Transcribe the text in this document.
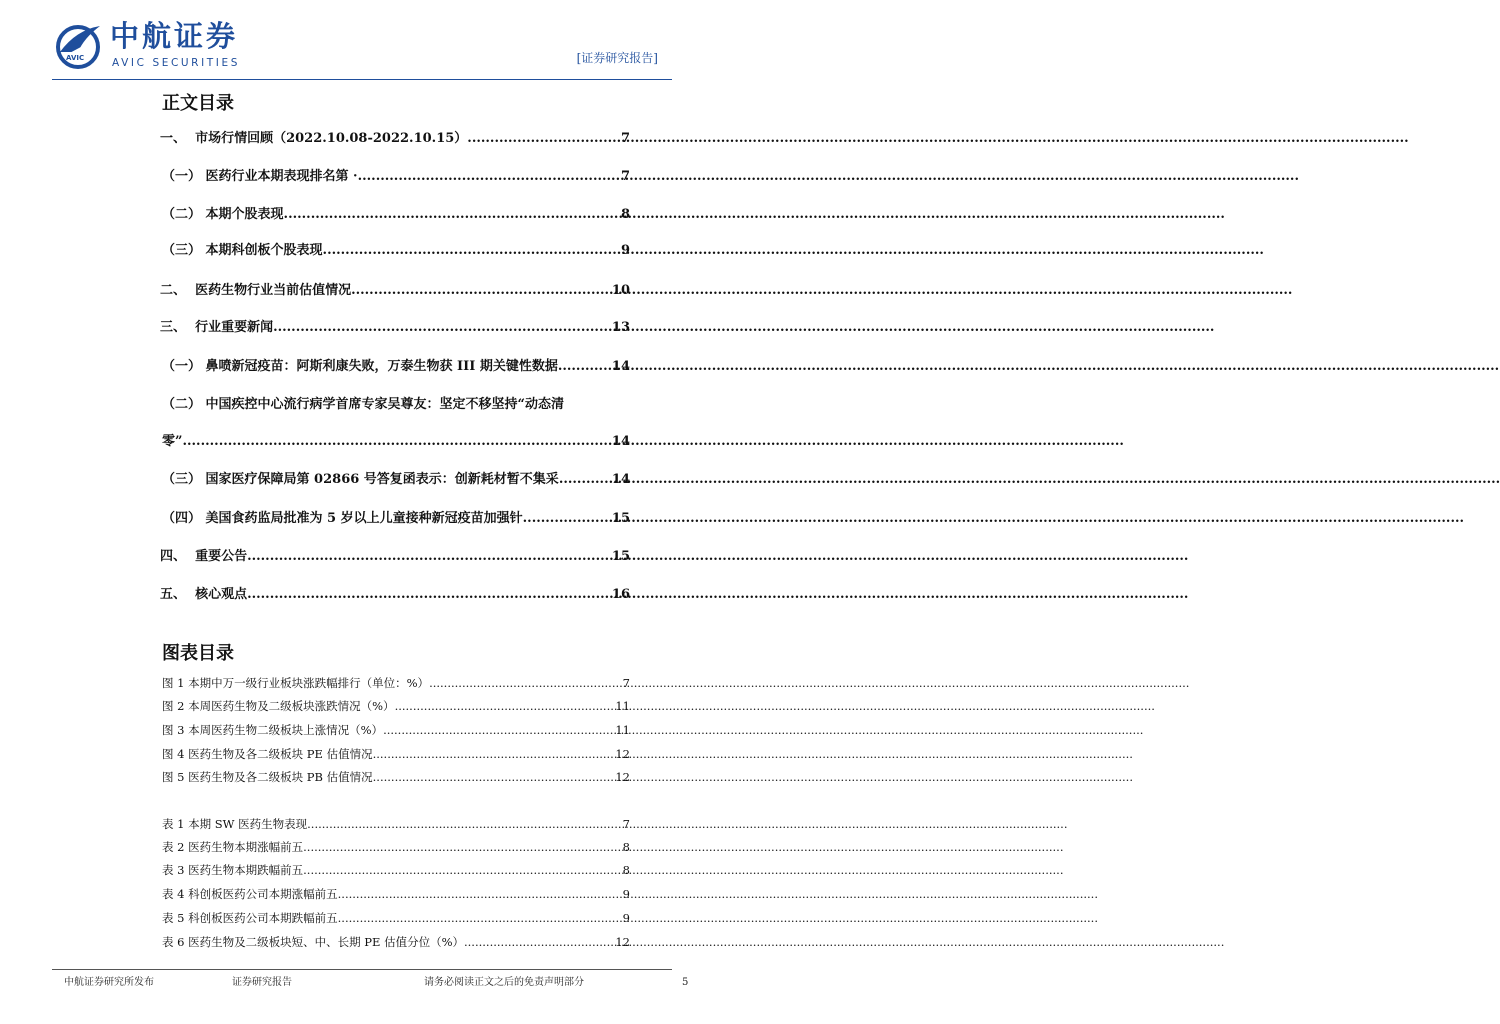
AVIC
中航证券
AVIC SECURITIES	[证券研究报告]
正文目录
一、 市场行情回顾（2022.10.08-2022.10.15） .....	7
（一） 医药行业本期表现排名第 · .....	7
（二） 本期个股表现 .....	8
（三） 本期科创板个股表现 .....	9
二、 医药生物行业当前估值情况 .....	10
三、 行业重要新闻 .....	13
（一） 鼻喷新冠疫苗：阿斯利康失败，万泰生物获 III 期关键性数据 .....	14
（二） 中国疾控中心流行病学首席专家吴尊友：坚定不移坚持“动态清
零” .....	14
（三） 国家医疗保障局第 02866 号答复函表示：创新耗材暂不集采 .....	14
（四） 美国食药监局批准为 5 岁以上儿童接种新冠疫苗加强针 .....	15
四、 重要公告 .....	15
五、 核心观点 .....	16
图表目录
图 1 本期中万一级行业板块涨跌幅排行（单位：%） .....	7
图 2 本周医药生物及二级板块涨跌情况（%） .....	11
图 3 本周医药生物二级板块上涨情况（%） .....	11
图 4 医药生物及各二级板块 PE 估值情况 .....	12
图 5 医药生物及各二级板块 PB 估值情况 .....	12
表 1 本期 SW 医药生物表现 .....	7
表 2 医药生物本期涨幅前五 .....	8
表 3 医药生物本期跌幅前五 .....	8
表 4 科创板医药公司本期涨幅前五 .....	9
表 5 科创板医药公司本期跌幅前五 .....	9
表 6 医药生物及二级板块短、中、长期 PE 估值分位（%） .....	12
中航证券研究所发布	证券研究报告	请务必阅读正文之后的免责声明部分	5
